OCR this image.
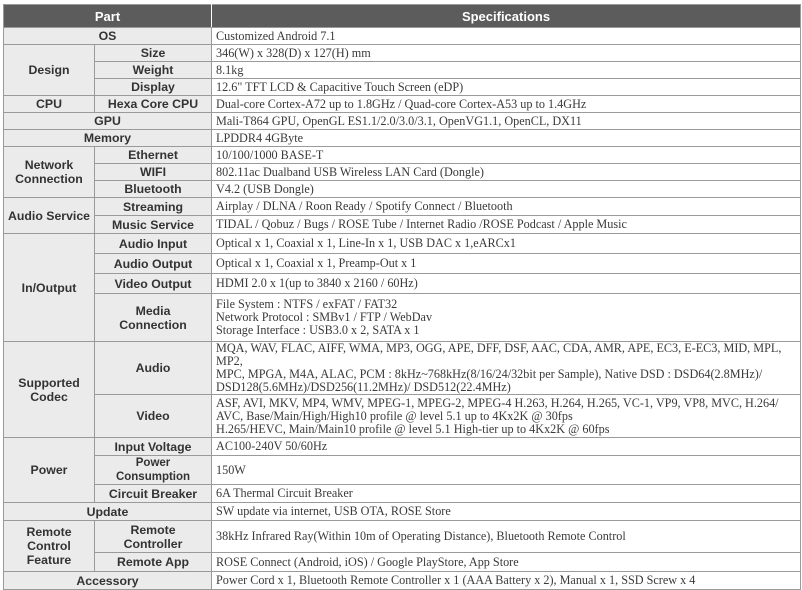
Part		Specifications
OS		Customized Android 7.1
Design	Size	346(W) x 328(D) x 127(H) mm
	Weight	8.1kg
	Display	12.6" TFT LCD & Capacitive Touch Screen (eDP)
CPU	Hexa Core CPU	Dual-core Cortex-A72 up to 1.8GHz / Quad-core Cortex-A53 up to 1.4GHz
GPU		Mali-T864 GPU, OpenGL ES1.1/2.0/3.0/3.1, OpenVG1.1, OpenCL, DX11
Memory		LPDDR4 4GByte
Network
Connection	Ethernet	10/100/1000 BASE-T
	WIFI	802.11ac Dualband USB Wireless LAN Card (Dongle)
	Bluetooth	V4.2 (USB Dongle)
Audio Service	Streaming	Airplay / DLNA / Roon Ready / Spotify Connect / Bluetooth
	Music Service	TIDAL / Qobuz / Bugs / ROSE Tube / Internet Radio /ROSE Podcast / Apple Music
In/Output	Audio Input	Optical x 1, Coaxial x 1, Line-In x 1, USB DAC x 1,eARCx1
	Audio Output	Optical x 1, Coaxial x 1, Preamp-Out x 1
	Video Output	HDMI 2.0 x 1(up to 3840 x 2160 / 60Hz)
	Media
Connection	File System : NTFS / exFAT / FAT32
Network Protocol : SMBv1 / FTP / WebDav
Storage Interface : USB3.0 x 2, SATA x 1

Supported
Codec	Audio	MQA, WAV, FLAC, AIFF, WMA, MP3, OGG, APE, DFF, DSF, AAC, CDA, AMR, APE, EC3, E-EC3, MID, MPL, MP2,
MPC, MPGA, M4A, ALAC, PCM : 8kHz~768kHz(8/16/24/32bit per Sample), Native DSD : DSD64(2.8MHz)/
DSD128(5.6MHz)/DSD256(11.2MHz)/ DSD512(22.4MHz)

	Video	ASF, AVI, MKV, MP4, WMV, MPEG-1, MPEG-2, MPEG-4 H.263, H.264, H.265, VC-1, VP9, VP8, MVC, H.264/
AVC, Base/Main/High/High10 profile @ level 5.1 up to 4Kx2K @ 30fps
H.265/HEVC, Main/Main10 profile @ level 5.1 High-tier up to 4Kx2K @ 60fps

Power	Input Voltage	AC100-240V 50/60Hz
	Power Consumption	150W
	Circuit Breaker	6A Thermal Circuit Breaker
Update		SW update via internet, USB OTA, ROSE Store
Remote
Control
Feature	Remote
Controller	38kHz Infrared Ray(Within 10m of Operating Distance), Bluetooth Remote Control
	Remote App	ROSE Connect (Android, iOS) / Google PlayStore, App Store
Accessory		Power Cord x 1, Bluetooth Remote Controller x 1 (AAA Battery x 2), Manual x 1, SSD Screw x 4
